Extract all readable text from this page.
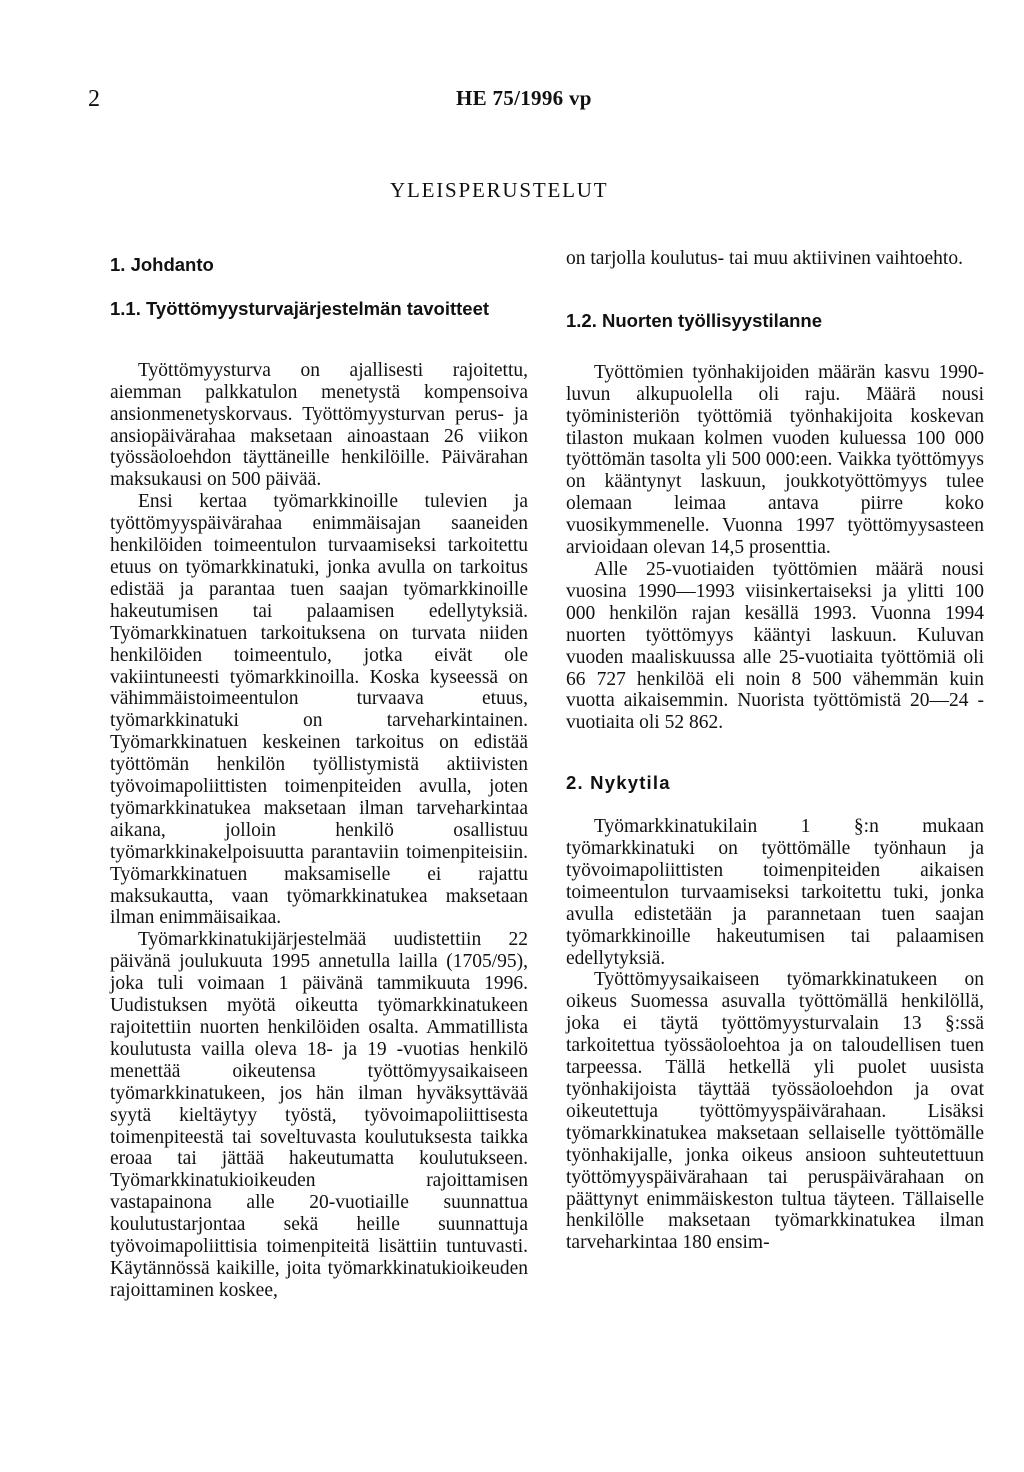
2	HE 75/1996 vp
YLEISPERUSTELUT
1. Johdanto
1.1. Työttömyysturvajärjestelmän tavoitteet

Työttömyysturva on ajallisesti rajoitettu, aiemman palkkatulon menetystä kompensoiva ansionmenetyskorvaus. Työttömyysturvan perus- ja ansiopäivärahaa maksetaan ainoastaan 26 viikon työssäoloehdon täyttäneille henkilöille. Päivärahan maksukausi on 500 päivää.

Ensi kertaa työmarkkinoille tulevien ja työttömyyspäivärahaa enimmäisajan saaneiden henkilöiden toimeentulon turvaamiseksi tarkoitettu etuus on työmarkkinatuki, jonka avulla on tarkoitus edistää ja parantaa tuen saajan työmarkkinoille hakeutumisen tai palaamisen edellytyksiä. Työmarkkinatuen tarkoituksena on turvata niiden henkilöiden toimeentulo, jotka eivät ole vakiintuneesti työmarkkinoilla. Koska kyseessä on vähimmäistoimeentulon turvaava etuus, työmarkkinatuki on tarveharkintainen. Työmarkkinatuen keskeinen tarkoitus on edistää työttömän henkilön työllistymistä aktiivisten työvoimapoliittisten toimenpiteiden avulla, joten työmarkkinatukea maksetaan ilman tarveharkintaa aikana, jolloin henkilö osallistuu työmarkkinakelpoisuutta parantaviin toimenpiteisiin. Työmarkkinatuen maksamiselle ei rajattu maksukautta, vaan työmarkkinatukea maksetaan ilman enimmäisaikaa.

Työmarkkinatukijärjestelmää uudistettiin 22 päivänä joulukuuta 1995 annetulla lailla (1705/95), joka tuli voimaan 1 päivänä tammikuuta 1996. Uudistuksen myötä oikeutta työmarkkinatukeen rajoitettiin nuorten henkilöiden osalta. Ammatillista koulutusta vailla oleva 18- ja 19 -vuotias henkilö menettää oikeutensa työttömyysaikaiseen työmarkkinatukeen, jos hän ilman hyväksyttävää syytä kieltäytyy työstä, työvoimapoliittisesta toimenpiteestä tai soveltuvasta koulutuksesta taikka eroaa tai jättää hakeutumatta koulutukseen. Työmarkkinatukioikeuden rajoittamisen vastapainona alle 20-vuotiaille suunnattua koulutustarjontaa sekä heille suunnattuja työvoimapoliittisia toimenpiteitä lisättiin tuntuvasti. Käytännössä kaikille, joita työmarkkinatukioikeuden rajoittaminen koskee,

on tarjolla koulutus- tai muu aktiivinen vaihtoehto.

1.2. Nuorten työllisyystilanne

Työttömien työnhakijoiden määrän kasvu 1990-luvun alkupuolella oli raju. Määrä nousi työministeriön työttömiä työnhakijoita koskevan tilaston mukaan kolmen vuoden kuluessa 100 000 työttömän tasolta yli 500 000:een. Vaikka työttömyys on kääntynyt laskuun, joukkotyöttömyys tulee olemaan leimaa antava piirre koko vuosikymmenelle. Vuonna 1997 työttömyysasteen arvioidaan olevan 14,5 prosenttia.

Alle 25-vuotiaiden työttömien määrä nousi vuosina 1990—1993 viisinkertaiseksi ja ylitti 100 000 henkilön rajan kesällä 1993. Vuonna 1994 nuorten työttömyys kääntyi laskuun. Kuluvan vuoden maaliskuussa alle 25-vuotiaita työttömiä oli 66 727 henkilöä eli noin 8 500 vähemmän kuin vuotta aikaisemmin. Nuorista työttömistä 20—24 -vuotiaita oli 52 862.

2. Nykytila

Työmarkkinatukilain 1 §:n mukaan työmarkkinatuki on työttömälle työnhaun ja työvoimapoliittisten toimenpiteiden aikaisen toimeentulon turvaamiseksi tarkoitettu tuki, jonka avulla edistetään ja parannetaan tuen saajan työmarkkinoille hakeutumisen tai palaamisen edellytyksiä.

Työttömyysaikaiseen työmarkkinatukeen on oikeus Suomessa asuvalla työttömällä henkilöllä, joka ei täytä työttömyysturvalain 13 §:ssä tarkoitettua työssäoloehtoa ja on taloudellisen tuen tarpeessa. Tällä hetkellä yli puolet uusista työnhakijoista täyttää työssäoloehdon ja ovat oikeutettuja työttömyyspäivärahaan. Lisäksi työmarkkinatukea maksetaan sellaiselle työttömälle työnhakijalle, jonka oikeus ansioon suhteutettuun työttömyyspäivärahaan tai peruspäivärahaan on päättynyt enimmäiskeston tultua täyteen. Tällaiselle henkilölle maksetaan työmarkkinatukea ilman tarveharkintaa 180 ensim-
